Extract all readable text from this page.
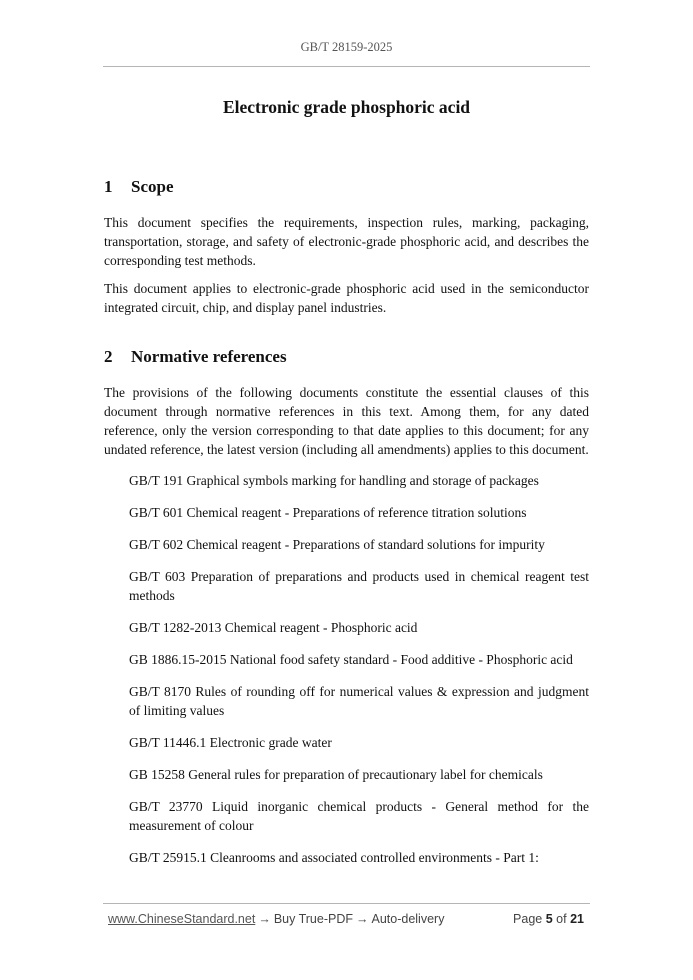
GB/T 28159-2025
Electronic grade phosphoric acid
1 Scope

This document specifies the requirements, inspection rules, marking, packaging, transportation, storage, and safety of electronic-grade phosphoric acid, and describes the corresponding test methods.

This document applies to electronic-grade phosphoric acid used in the semiconductor integrated circuit, chip, and display panel industries.

2 Normative references

The provisions of the following documents constitute the essential clauses of this document through normative references in this text. Among them, for any dated reference, only the version corresponding to that date applies to this document; for any undated reference, the latest version (including all amendments) applies to this document.

GB/T 191 Graphical symbols marking for handling and storage of packages
GB/T 601 Chemical reagent - Preparations of reference titration solutions
GB/T 602 Chemical reagent - Preparations of standard solutions for impurity
GB/T 603 Preparation of preparations and products used in chemical reagent test methods
GB/T 1282-2013 Chemical reagent - Phosphoric acid
GB 1886.15-2015 National food safety standard - Food additive - Phosphoric acid
GB/T 8170 Rules of rounding off for numerical values & expression and judgment of limiting values
GB/T 11446.1 Electronic grade water
GB 15258 General rules for preparation of precautionary label for chemicals
GB/T 23770 Liquid inorganic chemical products - General method for the measurement of colour
GB/T 25915.1 Cleanrooms and associated controlled environments - Part 1:
www.ChineseStandard.net → Buy True-PDF → Auto-delivery	Page 5 of 21
